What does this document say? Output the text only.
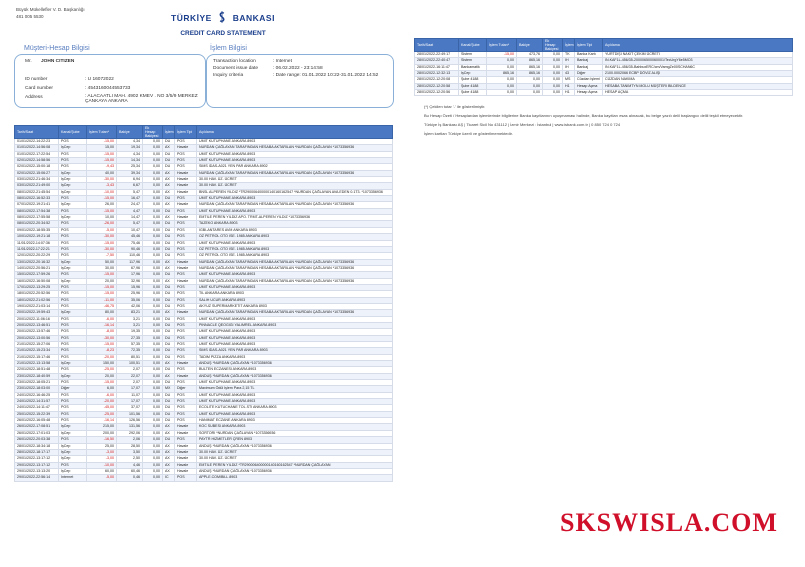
Büyük Mükellefler V. D. Başkanlığı
481 005 5530	TÜRKİYE BANKASI
CREDIT CARD STATEMENT
Müşteri-Hesap Bilgisi	İşlem Bilgisi
Mr. JOHN CITIZEN
ID number	: U 16072022
Card number	: 4543160044553733
Address	: ALACAATLI MAH. 4902 KMEV . NO 3/5/9 MERKEZ ÇANKAYA ANKARA
Transaction location	: Internet
Document issue date	: 06.02.2022 - 23:14:58
Inquiry criteria	: Date range: 01.01.2022 10:22-31.01.2022 14:52
Tarih/Saat	Kanal/Şube	İşlem Tutarı*	Bakiye	Ek Hesap Bakiyesi	İşlem	İşlem Tipi	Açıklama
01/01/2022-14:22:23	POS	-15,00	4,34	0,00	DU	POS	UMIT KUTUPHANE ANKARA 8903
01/01/2022-14:56:08	İşCep	15,00	19,34	0,00	AX	Havale	NURDAN ÇAĞLAYAN TARAFINDAN HESABA AKTARILAN *NURDAN ÇAĞLAYAN *1073356936
01/01/2022-17:22:54	POS	-15,00	4,34	0,00	DU	POS	UMIT KUTUPHANE ANKARA 8903
02/01/2022-14:58:56	POS	-15,00	14,34	0,00	DU	POS	UMIT KUTUPHANE ANKARA 8903
02/01/2022-15:00:18	POS	-9,43	25,34	0,00	DU	POS	SIMS IDAS-A021 YEN PAR ANKARA 8902
02/01/2022-15:06:27	İşCep	40,00	39,34	0,00	AX	Havale	NURDAN ÇAĞLAYAN TARAFINDAN HESABA AKTARILAN *NURDAN ÇAĞLAYAN *1073356936
03/01/2022-21:46:34	İşCep	-30,00	6,94	0,00	AX	Havale	30.00 HAV. ÜZ. ÜCRET
03/01/2022-21:49:00	İşCep	-3,43	6,67	0,00	AX	Havale	30.00 HAV. ÜZ. ÜCRET
08/01/2022-21:45:54	İşCep	-10,00	5,47	0,00	AX	Havale	BNSL ALPEREN YILDIZ *TR290006400000140160162547 *NURDAN ÇAĞLAYAN AVA.EDEN 0.1T3. *1073356936
08/01/2022-16:52:33	POS	-15,00	16,47	0,00	DU	POS	UMIT KUTUPHANE ANKARA 8903
07/01/2022-19:21:41	İşCep	26,00	24,47	0,00	AX	Havale	NURDAN ÇAĞLAYAN TARAFINDAN HESABA AKTARILAN *NURDAN ÇAĞLAYAN *1073356936
08/01/2022-17:54:38	POS	-15,00	4,47	0,00	DU	POS	UMIT KUTUPHANE ANKARA 8903
08/01/2022-17:55:58	İşCep	10,00	14,47	0,00	AX	Havale	EMTİLE PEREN YILDIZ APO. TRMT-ALPEREN YILDIZ *1073356936
08/01/2022-20:34:52	POS	-26,00	5,47	0,00	DU	POS	TAZEKO ANKARA 8903
09/01/2022-18:55:35	POS	-5,00	10,47	0,00	DU	POS	IGBI-ANTARES AVM ANKARA 8903
10/01/2022-19:21:18	POS	-30,00	45,46	0,00	DU	POS	OZ PETROL OTO ISE. 1985 ANKARA 8903
11/01/2022-14:07:36	POS	-15,00	75,46	0,00	DU	POS	UMIT KUTUPHANE ANKARA 8903
11/01/2022-17:22:21	POS	-30,00	90,46	0,00	DU	POS	OZ PETROL OTO ISE. 1985 ANKARA 8903
12/01/2022-20:22:29	POS	-7,50	110,46	0,00	DU	POS	OZ PETROL OTO ISE. 1985 ANKARA 8903
13/01/2022-20:16:32	İşCep	50,00	117,96	0,00	AX	Havale	NURDAN ÇAĞLAYAN TARAFINDAN HESABA AKTARILAN *NURDAN ÇAĞLAYAN *1073356936
14/01/2022-20:56:21	İşCep	30,00	67,96	0,00	AX	Havale	NURDAN ÇAĞLAYAN TARAFINDAN HESABA AKTARILAN *NURDAN ÇAĞLAYAN *1073356936
15/01/2022-17:59:26	POS	-15,00	17,96	0,00	DU	POS	UMIT KUTUPHANE ANKARA 8903
16/01/2022-16:50:08	İşCep	20,00	32,96	0,00	AX	Havale	NURDAN ÇAĞLAYAN TARAFINDAN HESABA AKTARILAN *NURDAN ÇAĞLAYAN *1073356936
17/01/2022-13:29:25	POS	-15,00	15,96	0,00	DU	POS	UMIT KUTUPHANE ANKARA 8903
18/01/2022-20:52:56	POS	-15,00	25,96	0,00	DU	POS	TIL ANKARA ANKARA 8903
18/01/2022-21:02:56	POS	-11,00	35,06	0,00	DU	POS	SALIH UCUR ANKARA 8903
19/01/2022-21:03:14	POS	-46,75	42,06	0,00	DU	POS	AKYUZ SUPERMARKETIT ANKARA 8903
20/01/2022-19:59:43	İşCep	80,00	83,21	0,00	AX	Havale	NURDAN ÇAĞLAYAN TARAFINDAN HESABA AKTARILAN *NURDAN ÇAĞLAYAN *1073356936
20/01/2022-11:06:16	POS	-6,00	3,21	0,00	DU	POS	UMIT KUTUPHANE ANKARA 8903
20/01/2022-13:46:51	POS	-16,14	3,21	0,00	DU	POS	PINNACLE QEOGIGI YALIMREL ANKARA 8903
20/01/2022-13:57:46	POS	-8,00	19,35	0,00	DU	POS	UMIT KUTUPHANE ANKARA 8903
20/01/2022-13:00:56	POS	-30,00	27,35	0,00	DU	POS	UMIT KUTUPHANE ANKARA 8903
21/01/2022-15:27:06	POS	-15,00	57,35	0,00	DU	POS	UMIT KUTUPHANE ANKARA 8903
21/01/2022-15:23:34	POS	-8,23	72,35	0,00	DU	POS	SIMS IDAS-A021 YEN PAR ANKARA 8903
21/01/2022-15:17:46	POS	-20,00	80,51	0,00	DU	POS	TADIM PİZZA ANKARA 8903
21/01/2022-13:13:58	İşCep	150,00	100,51	0,00	AX	Havale	ANDUŞ *NURDAN ÇAĞLAYAN *1073356936
22/01/2022-18:51:48	POS	-25,00	2,07	0,00	DU	POS	BULTEN ECZANESI ANKARA 8903
23/01/2022-18:40:59	İşCep	20,00	22,07	0,00	AX	Havale	ANDUŞ *NURDAN ÇAĞLAYAN *1073356936
23/01/2022-18:05:21	POS	-15,00	2,07	0,00	DU	POS	UMIT KUTUPHANE ANKARA 8903
23/01/2022-18:03:00	Diğer	6,00	17,07	0,00	MX	Diğer	Maximum Ödül İşlem Para 2,15 TL
24/01/2022-16:46:25	POS	-6,00	11,07	0,00	DU	POS	UMIT KUTUPHANE ANKARA 8903
24/01/2022-14:31:57	POS	-20,00	17,07	0,00	DU	POS	UMIT KUTUPHANE ANKARA 8903
24/01/2022-14:11:47	POS	-45,00	37,07	0,00	DU	POS	ECOLITE KUTUCHANE TOL.STI ANKARA 8903
25/01/2022-15:22:39	POS	-25,00	101,56	0,00	DU	POS	UMIT KUTUPHANE ANKARA 8903
26/01/2022-16:05:48	POS	-16,14	126,56	0,00	DU	POS	HANIMAT ECZANE ANKARA 8903
26/01/2022-17:08:51	İşCep	215,00	131,56	0,00	AX	Havale	KOC SUBESI ANKARA 8903
26/01/2022-17:01:03	İşCep	200,00	292,06	0,00	AX	Havale	SORTORI *NURDAN ÇAĞLAYAN *1073356936
26/01/2022-20:03:38	POS	-16,50	2,06	0,00	DU	POS	PAYTR HIZMETLER ÇREN 8903
28/01/2022-18:34:18	İşCep	25,00	28,50	0,00	AX	Havale	ANDUŞ *NURDAN ÇAĞLAYAN *1073356936
28/01/2022-18:17:17	İşCep	-3,00	3,50	0,00	AX	Havale	30.00 HAV. ÜZ. ÜCRET
29/01/2022-13:17:12	İşCep	-3,00	2,50	0,00	AX	Havale	30.00 HAV. ÜZ. ÜCRET
29/01/2022-13:17:12	POS	-10,00	4,46	0,00	AX	Havale	EMTİLE PEREN YILDIZ *TR290006400000140160162547 *NURDAN ÇAĞLAYAN
29/01/2022-13:13:20	İşCep	60,00	60,46	0,00	AX	Havale	ANDUŞ *NURDAN ÇAĞLAYAN *1073356936
29/01/2022-22:56:14	İnternet	-5,00	0,46	0,00	IC	POS	APPLE.COM/BILL 8903
Tarih/Saat	Kanal/Şube	İşlem Tutarı*	Bakiye	Ek Hesap Bakiyesi	İşlem	İşlem Tipi	Açıklama
28/01/2022-22:49:17	Sistem	-15,00	473,76	0,00	TK	Banka Kartı	YURTDIŞI NAKİT ÇEKİM ÜCRETİ
28/01/2022-22:40:47	Sistem	0,00	865,16	0,00	IH	Bankaj	IN.KAF1L-456/35-200006500060001/TecUrgY6e5MO3
28/01/2022-16:11:47	Bankamatik	0,00	865,16	0,00	IH	Bankaj	IN.KAF1L-456/35-BahbuxERC/cm/VamgZe00SCHAN6C
28/01/2022-12:32:13	İşCep	865,16	865,16	0,00	43	Diğer	2100.0002066 ECBP DÖVIZ ALIŞI
28/01/2022-12:20:08	Şube 4188	0,00	0,00	0,00	MS	Cüzdan İşlemi	CÜZDAN NAKİMA
28/01/2022-12:20:58	Şube 4188	0,00	0,00	0,00	H1	Hesap Açma	HESABA TANIMTYN MOLU MÜŞTERI BİLDENCE
28/01/2022-12:20:56	Şube 4188	0,00	0,00	0,00	H1	Hesap Açma	HESAP AÇMA
(*) Çekilen tutar '-' ile gösterilmiştir.
Bu Hesap Özeti / Hesaplardan işlemlerinde bilgilerine Banka kayıtlarının uyuşmaması halinde, Banka kayıtları esas alınacak, bu belge yazılı delil başlangıcı delili teşkil etmeyecektir.
Türkiye İş Bankası AŞ | Ticaret Sicil No 431112 | İzmir Merkezi : İstanbul | www.isbank.com.tr | 0 850 724 0 724
İşlem kartları Türkiye üzerli ve gösterilmemektedir.
SKSWISLA.COM
